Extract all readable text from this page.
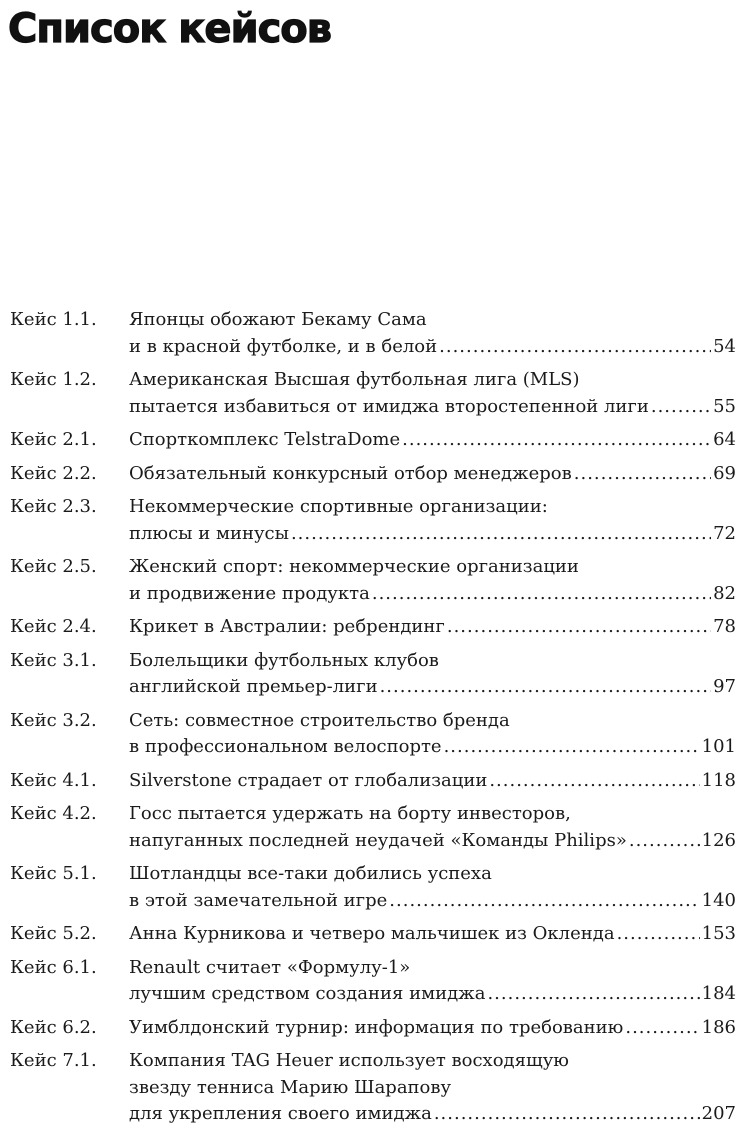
Список кейсов
Кейс 1.1.	Японцы обожают Бекаму Сама
и в красной футболке, и в белой .....	54
Кейс 1.2.	Американская Высшая футбольная лига (MLS)
пытается избавиться от имиджа второстепенной лиги .....	55
Кейс 2.1.	Спорткомплекс TelstraDome .....	64
Кейс 2.2.	Обязательный конкурсный отбор менеджеров .....	69
Кейс 2.3.	Некоммерческие спортивные организации:
плюсы и минусы .....	72
Кейс 2.5.	Женский спорт: некоммерческие организации
и продвижение продукта .....	82
Кейс 2.4.	Крикет в Австралии: ребрендинг .....	78
Кейс 3.1.	Болельщики футбольных клубов
английской премьер-лиги .....	97
Кейс 3.2.	Сеть: совместное строительство бренда
в профессиональном велоспорте .....	101
Кейс 4.1.	Silverstone страдает от глобализации .....	118
Кейс 4.2.	Госс пытается удержать на борту инвесторов,
напуганных последней неудачей «Команды Philips» .....	126
Кейс 5.1.	Шотландцы все-таки добились успеха
в этой замечательной игре .....	140
Кейс 5.2.	Анна Курникова и четверо мальчишек из Окленда .....	153
Кейс 6.1.	Renault считает «Формулу-1»
лучшим средством создания имиджа .....	184
Кейс 6.2.	Уимблдонский турнир: информация по требованию .....	186
Кейс 7.1.	Компания TAG Heuer использует восходящую
звезду тенниса Марию Шарапову
для укрепления своего имиджа .....	207
